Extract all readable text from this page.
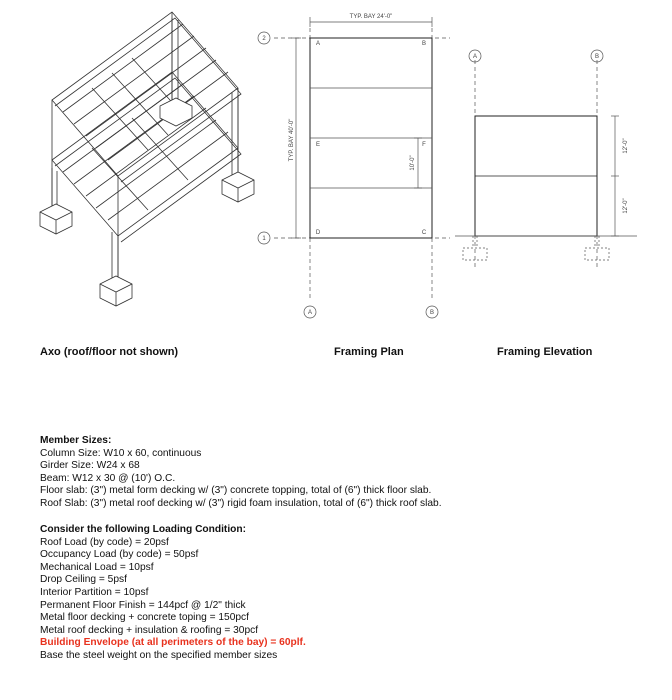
TYP. BAY 24'-0"
TYP. BAY 40'-0"
10'-0"
2
1
A	B
A	B
C
D
E	F
A	B
12'-0"
12'-0"
Axo (roof/floor not shown)	Framing Plan	Framing Elevation
Member Sizes:
Column Size: W10 x 60, continuous
Girder Size: W24 x 68
Beam: W12 x 30 @ (10') O.C.
Floor slab: (3") metal form decking w/ (3") concrete topping, total of (6") thick floor slab.
Roof Slab: (3") metal roof decking w/ (3") rigid foam insulation, total of (6") thick roof slab.
Consider the following Loading Condition:
Roof Load (by code) = 20psf
Occupancy Load (by code) = 50psf
Mechanical Load = 10psf
Drop Ceiling = 5psf
Interior Partition = 10psf
Permanent Floor Finish = 144pcf @ 1/2" thick
Metal floor decking + concrete toping = 150pcf
Metal roof decking + insulation & roofing = 30pcf
Building Envelope (at all perimeters of the bay) = 60plf.
Base the steel weight on the specified member sizes
